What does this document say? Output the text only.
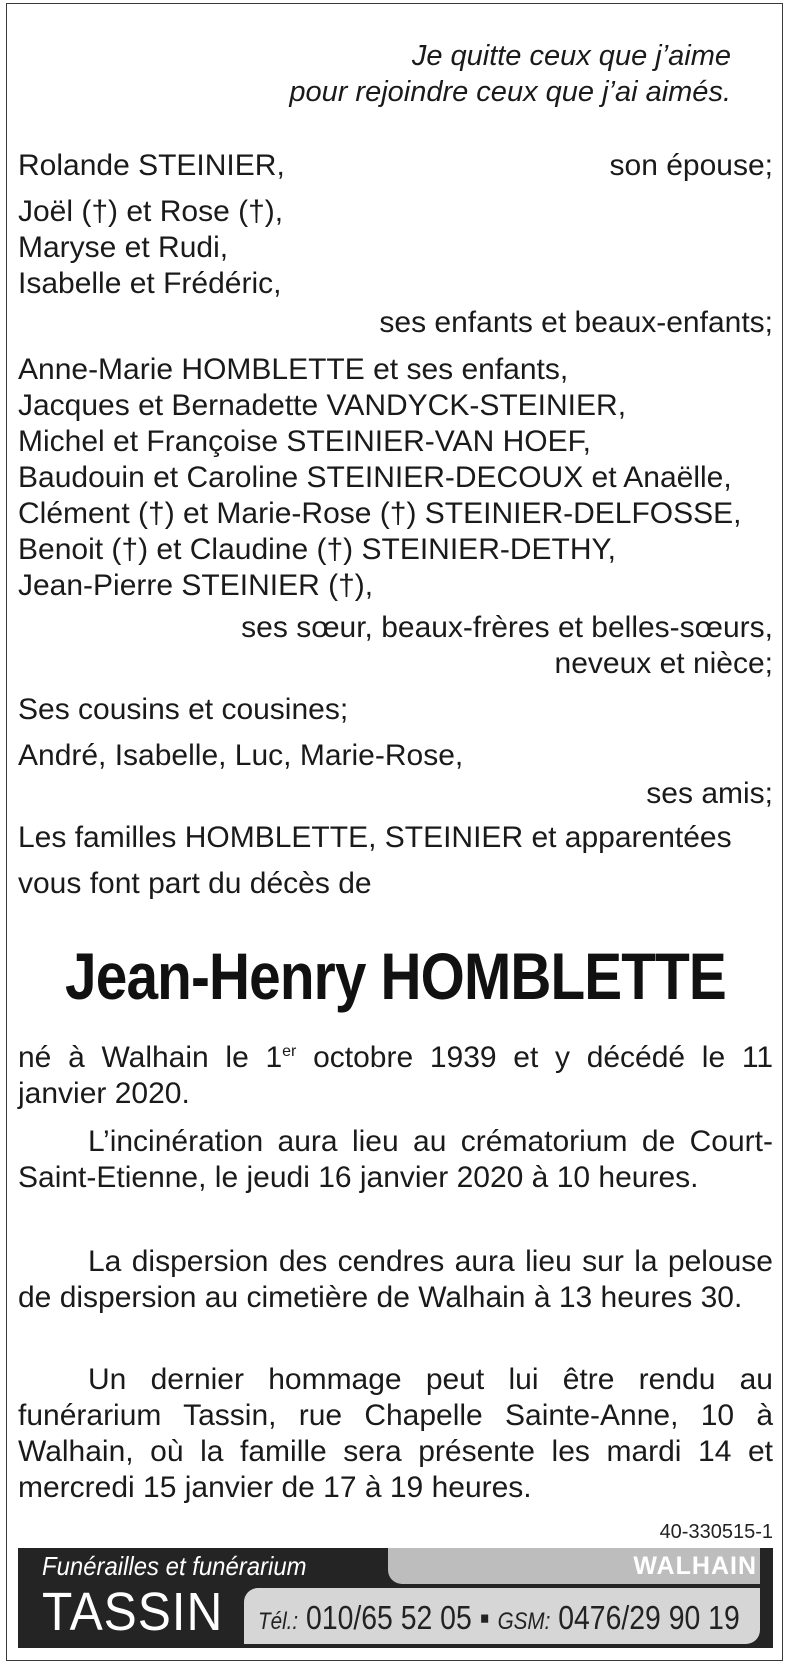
Je quitte ceux que j’aime
pour rejoindre ceux que j’ai aimés.
Rolande STEINIER,	son épouse;
Joël (†) et Rose (†),
Maryse et Rudi,
Isabelle et Frédéric,
ses enfants et beaux-enfants;
Anne-Marie HOMBLETTE et ses enfants,
Jacques et Bernadette VANDYCK-STEINIER,
Michel et Françoise STEINIER-VAN HOEF,
Baudouin et Caroline STEINIER-DECOUX et Anaëlle,
Clément (†) et Marie-Rose (†) STEINIER-DELFOSSE,
Benoit (†) et Claudine (†) STEINIER-DETHY,
Jean-Pierre STEINIER (†),
ses sœur, beaux-frères et belles-sœurs,
neveux et nièce;
Ses cousins et cousines;
André, Isabelle, Luc, Marie-Rose,
ses amis;
Les familles HOMBLETTE, STEINIER et apparentées
vous font part du décès de
Jean-Henry HOMBLETTE
né à Walhain le 1er octobre 1939 et y décédé le 11 janvier 2020.
L’incinération aura lieu au crématorium de Court-Saint-Etienne, le jeudi 16 janvier 2020 à 10 heures.
La dispersion des cendres aura lieu sur la pelouse de dispersion au cimetière de Walhain à 13 heures 30.
Un dernier hommage peut lui être rendu au funérarium Tassin, rue Chapelle Sainte-Anne, 10 à Walhain, où la famille sera présente les mardi 14 et mercredi 15 janvier de 17 à 19 heures.
40-330515-1
Funérailles et funérarium
TASSIN
WALHAIN
Tél.: 010/65 52 05 ▪ GSM: 0476/29 90 19
